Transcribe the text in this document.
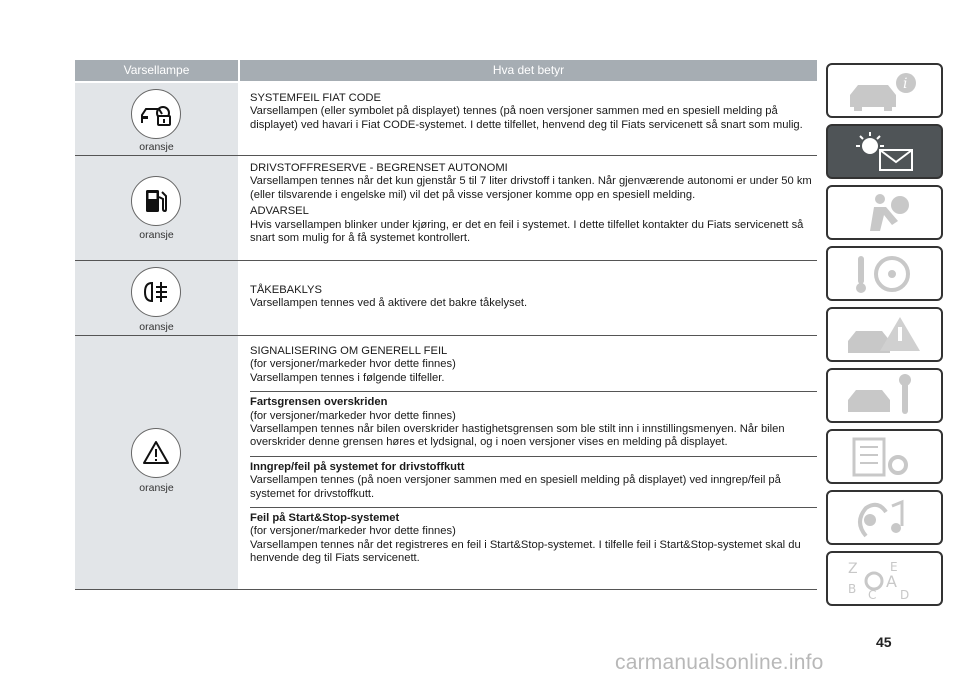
Varsellampe	Hva det betyr
oransje
SYSTEMFEIL FIAT CODE
Varsellampen (eller symbolet på displayet) tennes (på noen versjoner sammen med en spesiell melding på displayet) ved havari i Fiat CODE-systemet. I dette tilfellet, henvend deg til Fiats servicenett så snart som mulig.
oransje
DRIVSTOFFRESERVE - BEGRENSET AUTONOMI
Varsellampen tennes når det kun gjenstår 5 til 7 liter drivstoff i tanken. Når gjenværende autonomi er under 50 km (eller tilsvarende i engelske mil) vil det på visse versjoner komme opp en spesiell melding.
ADVARSEL
Hvis varsellampen blinker under kjøring, er det en feil i systemet. I dette tilfellet kontakter du Fiats servicenett så snart som mulig for å få systemet kontrollert.
oransje
TÅKEBAKLYS
Varsellampen tennes ved å aktivere det bakre tåkelyset.
oransje
SIGNALISERING OM GENERELL FEIL
(for versjoner/markeder hvor dette finnes)
Varsellampen tennes i følgende tilfeller.
Fartsgrensen overskriden
(for versjoner/markeder hvor dette finnes)
Varsellampen tennes når bilen overskrider hastighetsgrensen som ble stilt inn i innstillingsmenyen. Når bilen overskrider denne grensen høres et lydsignal, og i noen versjoner vises en melding på displayet.
Inngrep/feil på systemet for drivstoffkutt
Varsellampen tennes (på noen versjoner sammen med en spesiell melding på displayet) ved inngrep/feil på systemet for drivstoffkutt.
Feil på Start&Stop-systemet
(for versjoner/markeder hvor dette finnes)
Varsellampen tennes når det registreres en feil i Start&Stop-systemet. I tilfelle feil i Start&Stop-systemet skal du henvende deg til Fiats servicenett.
i
Z	E
B A
C D
45
carmanualsonline.info
